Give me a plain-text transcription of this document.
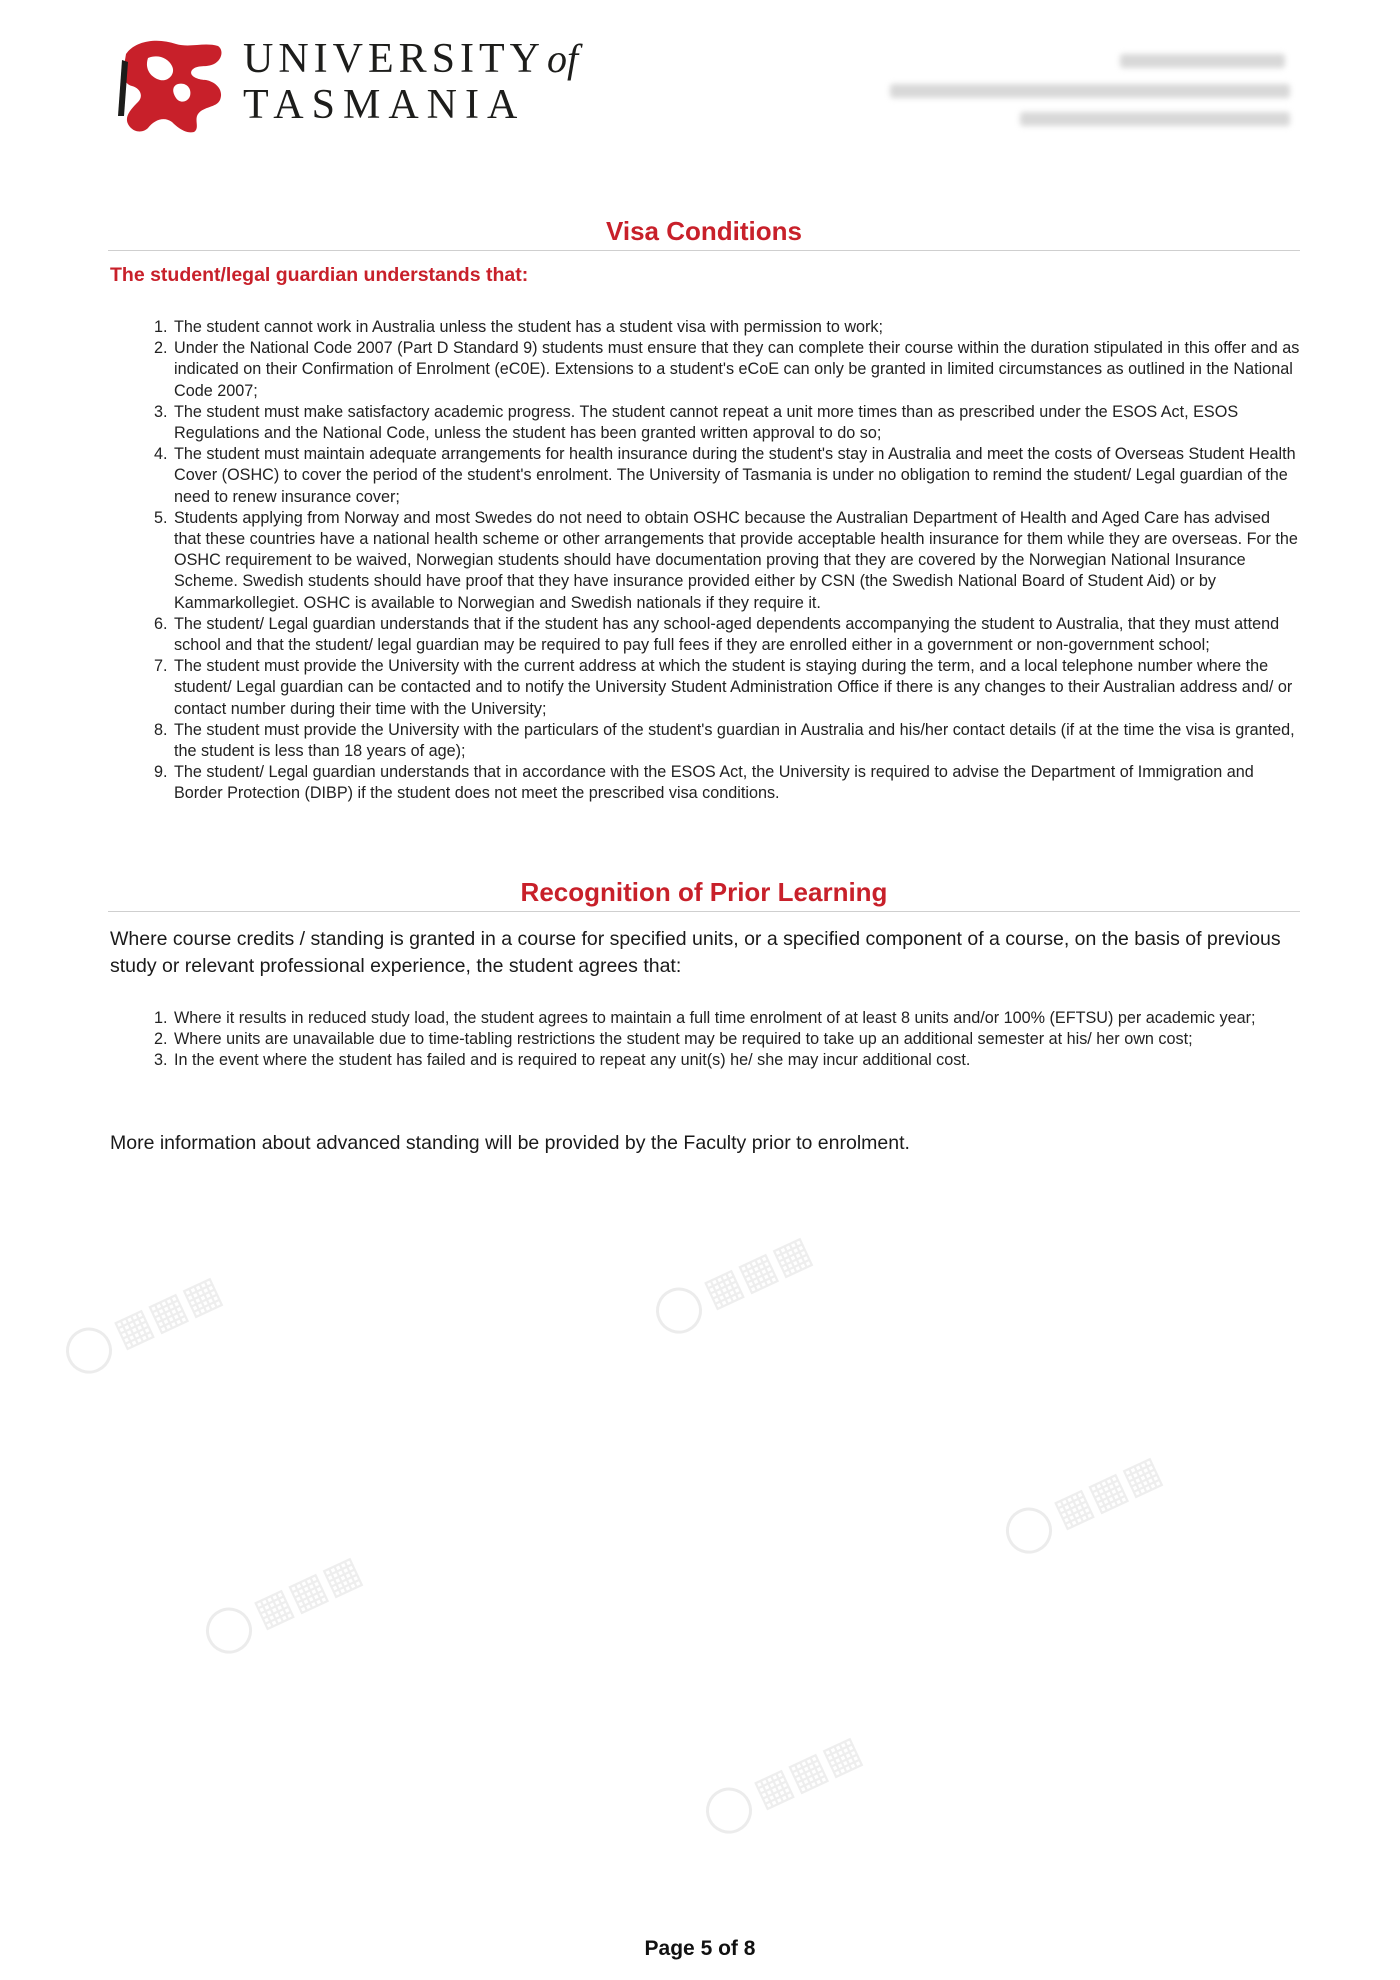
UNIVERSITYof
TASMANIA
Visa Conditions
The student/legal guardian understands that:
1. The student cannot work in Australia unless the student has a student visa with permission to work;
2. Under the National Code 2007 (Part D Standard 9) students must ensure that they can complete their course within the duration stipulated in this offer and as indicated on their Confirmation of Enrolment (eC0E). Extensions to a student's eCoE can only be granted in limited circumstances as outlined in the National Code 2007;
3. The student must make satisfactory academic progress. The student cannot repeat a unit more times than as prescribed under the ESOS Act, ESOS Regulations and the National Code, unless the student has been granted written approval to do so;
4. The student must maintain adequate arrangements for health insurance during the student's stay in Australia and meet the costs of Overseas Student Health Cover (OSHC) to cover the period of the student's enrolment. The University of Tasmania is under no obligation to remind the student/ Legal guardian of the need to renew insurance cover;
5. Students applying from Norway and most Swedes do not need to obtain OSHC because the Australian Department of Health and Aged Care has advised that these countries have a national health scheme or other arrangements that provide acceptable health insurance for them while they are overseas. For the OSHC requirement to be waived, Norwegian students should have documentation proving that they are covered by the Norwegian National Insurance Scheme. Swedish students should have proof that they have insurance provided either by CSN (the Swedish National Board of Student Aid) or by Kammarkollegiet. OSHC is available to Norwegian and Swedish nationals if they require it.
6. The student/ Legal guardian understands that if the student has any school-aged dependents accompanying the student to Australia, that they must attend school and that the student/ legal guardian may be required to pay full fees if they are enrolled either in a government or non-government school;
7. The student must provide the University with the current address at which the student is staying during the term, and a local telephone number where the student/ Legal guardian can be contacted and to notify the University Student Administration Office if there is any changes to their Australian address and/ or contact number during their time with the University;
8. The student must provide the University with the particulars of the student's guardian in Australia and his/her contact details (if at the time the visa is granted, the student is less than 18 years of age);
9. The student/ Legal guardian understands that in accordance with the ESOS Act, the University is required to advise the Department of Immigration and Border Protection (DIBP) if the student does not meet the prescribed visa conditions.
Recognition of Prior Learning
Where course credits / standing is granted in a course for specified units, or a specified component of a course, on the basis of previous study or relevant professional experience, the student agrees that:
1. Where it results in reduced study load, the student agrees to maintain a full time enrolment of at least 8 units and/or 100% (EFTSU) per academic year;
2. Where units are unavailable due to time-tabling restrictions the student may be required to take up an additional semester at his/ her own cost;
3. In the event where the student has failed and is required to repeat any unit(s) he/ she may incur additional cost.
More information about advanced standing will be provided by the Faculty prior to enrolment.
▦▦▦	▦▦▦
▦▦▦
▦▦▦
▦▦▦
Page 5 of 8
